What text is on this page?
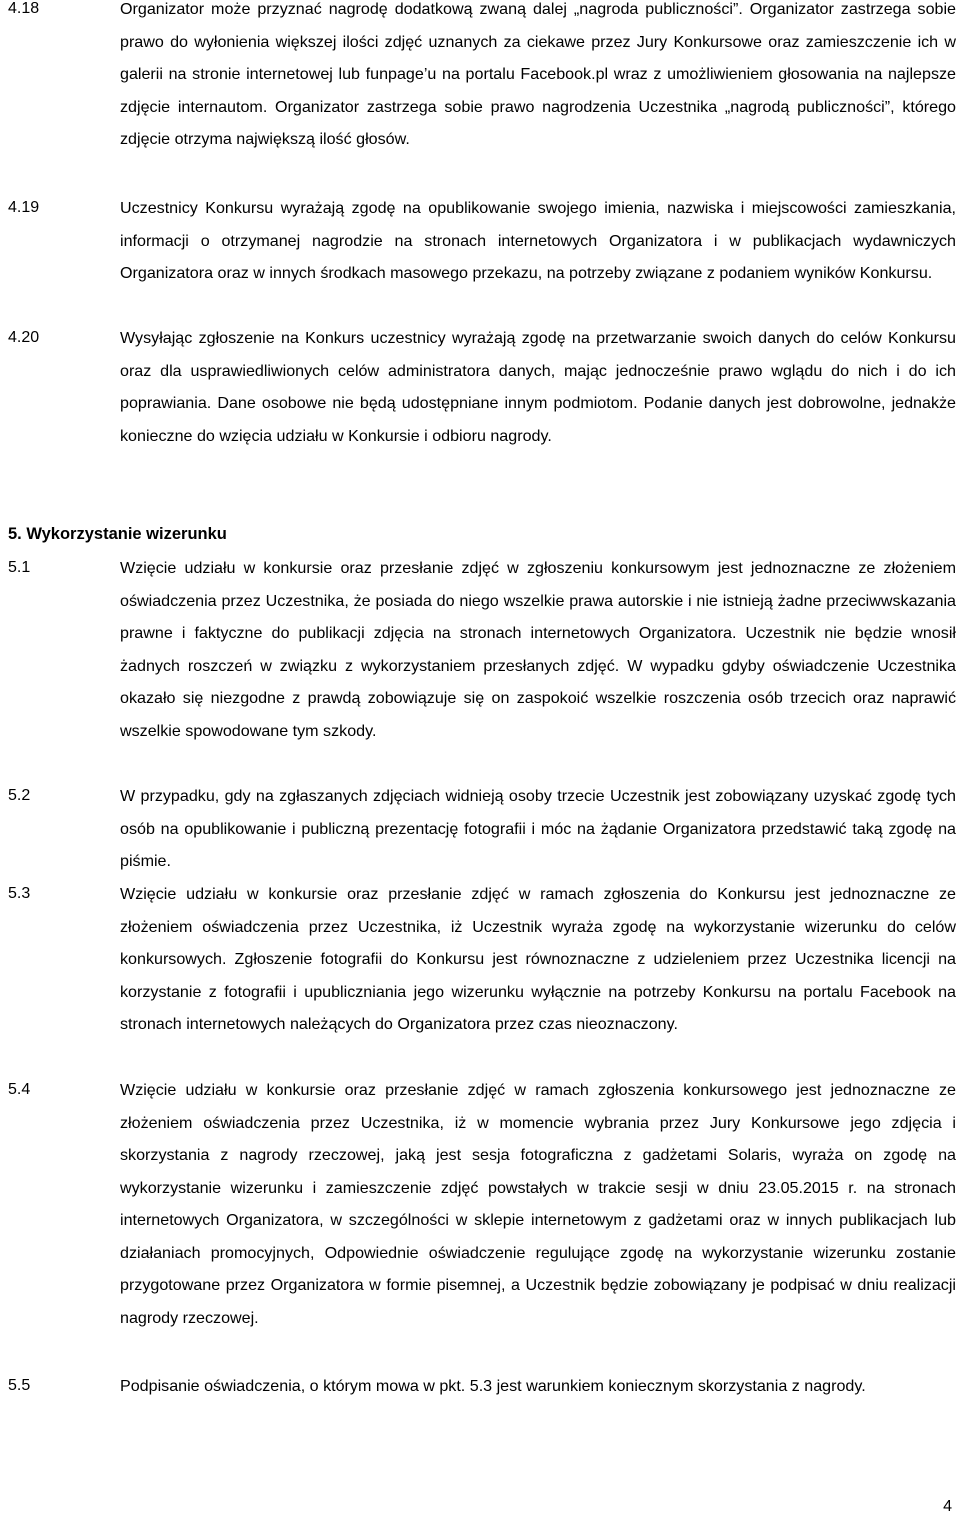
4.18	Organizator może przyznać nagrodę dodatkową zwaną dalej „nagroda publiczności”. Organizator zastrzega sobie prawo do wyłonienia większej ilości zdjęć uznanych za ciekawe przez Jury Konkursowe oraz zamieszczenie ich w galerii na stronie internetowej lub funpage’u na portalu Facebook.pl wraz z umożliwieniem głosowania na najlepsze zdjęcie internautom. Organizator zastrzega sobie prawo nagrodzenia Uczestnika „nagrodą publiczności”, którego zdjęcie otrzyma największą ilość głosów.

4.19	Uczestnicy Konkursu wyrażają zgodę na opublikowanie swojego imienia, nazwiska i miejscowości zamieszkania, informacji o otrzymanej nagrodzie na stronach internetowych Organizatora i w publikacjach wydawniczych Organizatora oraz w innych środkach masowego przekazu, na potrzeby związane z podaniem wyników Konkursu.

4.20	Wysyłając zgłoszenie na Konkurs uczestnicy wyrażają zgodę na przetwarzanie swoich danych do celów Konkursu oraz dla usprawiedliwionych celów administratora danych, mając jednocześnie prawo wglądu do nich i do ich poprawiania. Dane osobowe nie będą udostępniane innym podmiotom. Podanie danych jest dobrowolne, jednakże konieczne do wzięcia udziału w Konkursie i odbioru nagrody.

5. Wykorzystanie wizerunku
5.1	Wzięcie udziału w konkursie oraz przesłanie zdjęć w zgłoszeniu konkursowym jest jednoznaczne ze złożeniem oświadczenia przez Uczestnika, że posiada do niego wszelkie prawa autorskie i nie istnieją żadne przeciwwskazania prawne i faktyczne do publikacji zdjęcia na stronach internetowych Organizatora. Uczestnik nie będzie wnosił żadnych roszczeń w związku z wykorzystaniem przesłanych zdjęć. W wypadku gdyby oświadczenie Uczestnika okazało się niezgodne z prawdą zobowiązuje się on zaspokoić wszelkie roszczenia osób trzecich oraz naprawić wszelkie spowodowane tym szkody.

5.2	W przypadku, gdy na zgłaszanych zdjęciach widnieją osoby trzecie Uczestnik jest zobowiązany uzyskać zgodę tych osób na opublikowanie i publiczną prezentację fotografii i móc na żądanie Organizatora przedstawić taką zgodę na piśmie.

5.3	Wzięcie udziału w konkursie oraz przesłanie zdjęć w ramach zgłoszenia do Konkursu jest jednoznaczne ze złożeniem oświadczenia przez Uczestnika, iż Uczestnik wyraża zgodę na wykorzystanie wizerunku do celów konkursowych. Zgłoszenie fotografii do Konkursu jest równoznaczne z udzieleniem przez Uczestnika licencji na korzystanie z fotografii i upubliczniania jego wizerunku wyłącznie na potrzeby Konkursu na portalu Facebook na stronach internetowych należących do Organizatora przez czas nieoznaczony.

5.4	Wzięcie udziału w konkursie oraz przesłanie zdjęć w ramach zgłoszenia konkursowego jest jednoznaczne ze złożeniem oświadczenia przez Uczestnika, iż w momencie wybrania przez Jury Konkursowe jego zdjęcia i skorzystania z nagrody rzeczowej, jaką jest sesja fotograficzna z gadżetami Solaris, wyraża on zgodę na wykorzystanie wizerunku i zamieszczenie zdjęć powstałych w trakcie sesji w dniu 23.05.2015 r. na stronach internetowych Organizatora, w szczególności w sklepie internetowym z gadżetami oraz w innych publikacjach lub działaniach promocyjnych, Odpowiednie oświadczenie regulujące zgodę na wykorzystanie wizerunku zostanie przygotowane przez Organizatora w formie pisemnej, a Uczestnik będzie zobowiązany je podpisać w dniu realizacji nagrody rzeczowej.

5.5	Podpisanie oświadczenia, o którym mowa w pkt. 5.3 jest warunkiem koniecznym skorzystania z nagrody.

4
